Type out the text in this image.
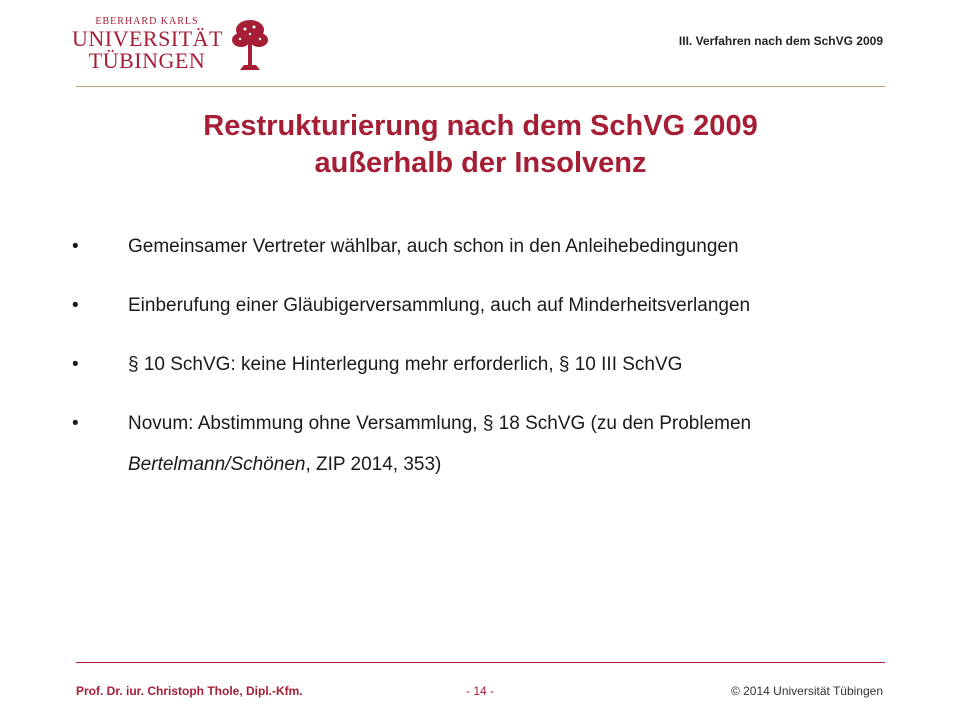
EBERHARD KARLS
UNIVERSITÄT
TÜBINGEN
III. Verfahren nach dem SchVG 2009
Restrukturierung nach dem SchVG 2009
außerhalb der Insolvenz
•	Gemeinsamer Vertreter wählbar, auch schon in den Anleihebedingungen
•	Einberufung einer Gläubigerversammlung, auch auf Minderheitsverlangen
•	§ 10 SchVG: keine Hinterlegung mehr erforderlich, § 10 III SchVG
•	Novum: Abstimmung ohne Versammlung, § 18 SchVG (zu den Problemen Bertelmann/Schönen, ZIP 2014, 353)
Prof. Dr. iur. Christoph Thole, Dipl.-Kfm.	- 14 -	© 2014 Universität Tübingen
